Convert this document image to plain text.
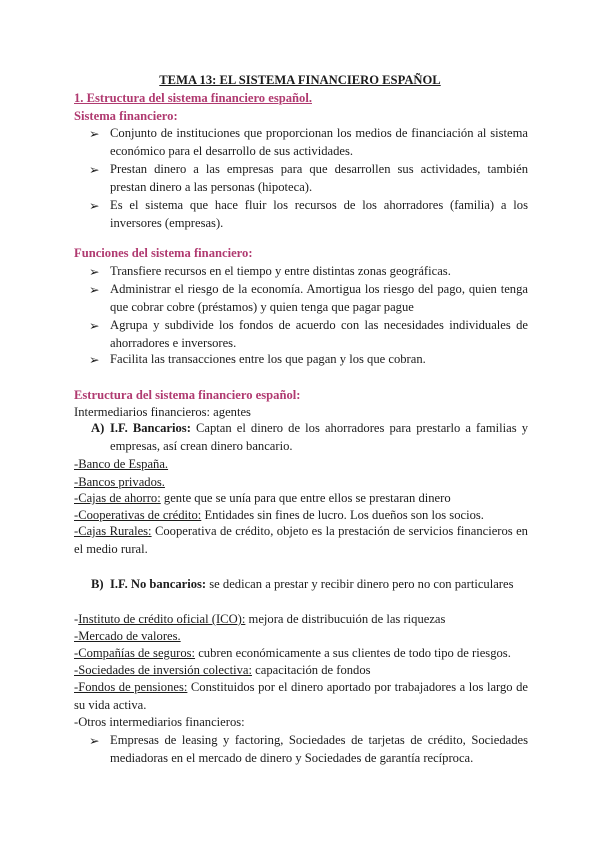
TEMA 13: EL SISTEMA FINANCIERO ESPAÑOL
1. Estructura del sistema financiero español.
Sistema financiero:
➢ Conjunto de instituciones que proporcionan los medios de financiación al sistema económico para el desarrollo de sus actividades.
➢ Prestan dinero a las empresas para que desarrollen sus actividades, también prestan dinero a las personas (hipoteca).
➢ Es el sistema que hace fluir los recursos de los ahorradores (familia) a los inversores (empresas).
Funciones del sistema financiero:
➢ Transfiere recursos en el tiempo y entre distintas zonas geográficas.
➢ Administrar el riesgo de la economía. Amortigua los riesgo del pago, quien tenga que cobrar cobre (préstamos) y quien tenga que pagar pague
➢ Agrupa y subdivide los fondos de acuerdo con las necesidades individuales de ahorradores e inversores.
➢ Facilita las transacciones entre los que pagan y los que cobran.
Estructura del sistema financiero español:
Intermediarios financieros: agentes
A) I.F. Bancarios: Captan el dinero de los ahorradores para prestarlo a familias y empresas, así crean dinero bancario.
-Banco de España.
-Bancos privados.
-Cajas de ahorro: gente que se unía para que entre ellos se prestaran dinero
-Cooperativas de crédito: Entidades sin fines de lucro. Los dueños son los socios.
-Cajas Rurales: Cooperativa de crédito, objeto es la prestación de servicios financieros en el medio rural.
B) I.F. No bancarios: se dedican a prestar y recibir dinero pero no con particulares
-Instituto de crédito oficial (ICO): mejora de distribucuión de las riquezas
-Mercado de valores.
-Compañías de seguros: cubren económicamente a sus clientes de todo tipo de riesgos.
-Sociedades de inversión colectiva: capacitación de fondos
-Fondos de pensiones: Constituidos por el dinero aportado por trabajadores a los largo de su vida activa.
-Otros intermediarios financieros:
➢ Empresas de leasing y factoring, Sociedades de tarjetas de crédito, Sociedades mediadoras en el mercado de dinero y Sociedades de garantía recíproca.
